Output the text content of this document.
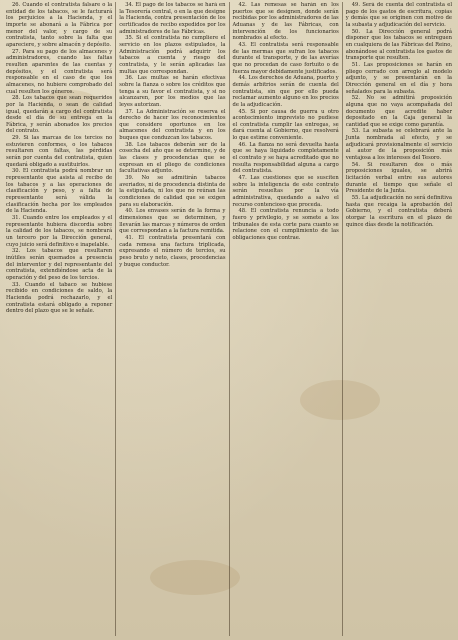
26. Cuando el contratista falsare o la entidad de los tabacos, se le facturará los perjuicios a la Hacienda, y el importe se abonará a la Fábrica por menor del valor, y cargo de su contratista, tanto sobre la falta que apareciere, y sobre almacén y depósito.

27. Para su pago de los almacenes y administradores, cuando las faltas resulten aparentes de las cuentas y depósitos, y el contratista será responsable en el caso de que los almacenes, no hubiere comprobado del cual resulten los géneros.

28. Los tabacos que sean requeridos por la Hacienda, o sean de calidad igual, quedarán a cargo del contratista desde el día de su entrega en la Fábrica, y serán abonados los precios del contrato.

29. Si las marcas de los tercios no estuvieren conformes, o los tabacos resultaren con faltas, las pérdidas serán por cuenta del contratista, quien quedará obligado a sustituirlos.

30. El contratista podrá nombrar un representante que asista al recibo de los tabacos y a las operaciones de clasificación y peso, y a falta de representante será válida la clasificación hecha por los empleados de la Hacienda.

31. Cuando entre los empleados y el representante hubiera discordia sobre la calidad de los tabacos, se nombrará un tercero por la Dirección general, cuyo juicio será definitivo e inapelable.

32. Los tabacos que resultaren inútiles serán quemados a presencia del interventor y del representante del contratista, extendiéndose acta de la operación y del peso de los tercios.

33. Cuando el tabaco se hubiese recibido en condiciones de saldo, la Hacienda podrá rechazarlo, y el contratista estará obligado a reponer dentro del plazo que se le señale.

34. El pago de los tabacos se hará en la Tesorería central, o en la que designe la Hacienda, contra presentación de los certificados de recibo expedidos por los administradores de las Fábricas.

35. Si el contratista no cumpliere el servicio en los plazos estipulados, la Administración podrá adquirir los tabacos a cuenta y riesgo del contratista, y le serán aplicadas las multas que correspondan.

36. Las multas se harán efectivas sobre la fianza o sobre los créditos que tenga a su favor el contratista, y si no alcanzaren, por los medios que las leyes autorizan.

37. La Administración se reserva el derecho de hacer los reconocimientos que considere oportunos en los almacenes del contratista y en los buques que conduzcan los tabacos.

38. Los tabacos deberán ser de la cosecha del año que se determine, y de las clases y procedencias que se expresan en el pliego de condiciones facultativas adjunto.

39. No se admitirán tabacos averiados, ni de procedencia distinta de la estipulada, ni los que no reúnan las condiciones de calidad que se exigen para su elaboración.

40. Los envases serán de la forma y dimensiones que se determinen, y llevarán las marcas y números de orden que correspondan a la factura remitida.

41. El contratista presentará con cada remesa una factura triplicada, expresando el número de tercios, su peso bruto y neto, clases, procedencias y buque conductor.

42. Las remesas se harán en los puertos que se designen, donde serán recibidas por los administradores de las Aduanas y de las Fábricas, con intervención de los funcionarios nombrados al efecto.

43. El contratista será responsable de las mermas que sufran los tabacos durante el transporte, y de las averías que no procedan de caso fortuito o de fuerza mayor debidamente justificados.

44. Los derechos de Aduana, puerto y demás arbitrios serán de cuenta del contratista, sin que por ello pueda reclamar aumento alguno en los precios de la adjudicación.

45. Si por causa de guerra u otro acontecimiento imprevisto no pudiese el contratista cumplir las entregas, se dará cuenta al Gobierno, que resolverá lo que estime conveniente.

46. La fianza no será devuelta hasta que se haya liquidado completamente el contrato y se haya acreditado que no resulta responsabilidad alguna a cargo del contratista.

47. Las cuestiones que se susciten sobre la inteligencia de este contrato serán resueltas por la vía administrativa, quedando a salvo el recurso contencioso que proceda.

48. El contratista renuncia a todo fuero y privilegio, y se somete a los tribunales de esta corte para cuanto se relacione con el cumplimiento de las obligaciones que contrae.

49. Será de cuenta del contratista el pago de los gastos de escritura, copias y demás que se originen con motivo de la subasta y adjudicación del servicio.

50. La Dirección general podrá disponer que los tabacos se entreguen en cualquiera de las Fábricas del Reino, abonándose al contratista los gastos de transporte que resulten.

51. Las proposiciones se harán en pliego cerrado con arreglo al modelo adjunto, y se presentarán en la Dirección general en el día y hora señalados para la subasta.

52. No se admitirá proposición alguna que no vaya acompañada del documento que acredite haber depositado en la Caja general la cantidad que se exige como garantía.

53. La subasta se celebrará ante la Junta nombrada al efecto, y se adjudicará provisionalmente el servicio al autor de la proposición más ventajosa a los intereses del Tesoro.

54. Si resultaren dos o más proposiciones iguales, se abrirá licitación verbal entre sus autores durante el tiempo que señale el Presidente de la Junta.

55. La adjudicación no será definitiva hasta que recaiga la aprobación del Gobierno, y el contratista deberá otorgar la escritura en el plazo de quince días desde la notificación.
